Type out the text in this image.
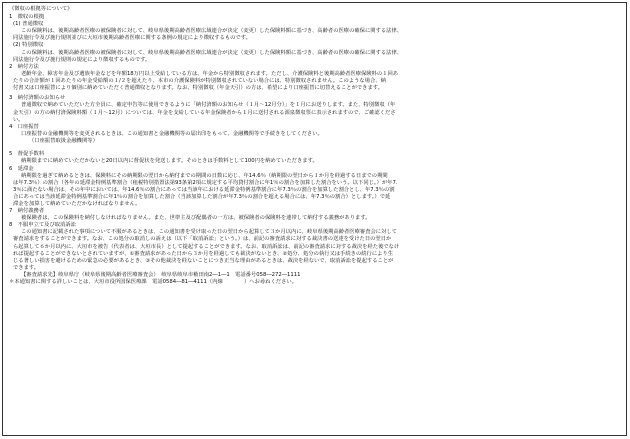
《徴収の根拠等について》
1　徴収の根拠
(1) 普通徴収
この保険料は、後期高齢者医療の被保険者に対して、岐阜県後期高齢者医療広域連合が決定（変更）した保険料額に基づき、高齢者の医療の確保に関する法律、
同法施行令及び施行規則並びに大垣市後期高齢者医療に関する条例の規定により徴収するものです。
(2) 特別徴収
この保険料は、後期高齢者医療の被保険者に対して、岐阜県後期高齢者医療広域連合が決定（変更）した保険料額に基づき、高齢者の医療の確保に関する法律、
同法施行令及び施行規則の規定により徴収するものです。
2　納付方法
老齢年金、障害年金及び遺族年金などを年額18万円以上受給している方は、年金から特別徴収されます。ただし、介護保険料と後期高齢者医療保険料の１回あ
たりの合計額が１回あたりの年金受給額の１/２を超えたり、本市の介護保険料が特別徴収されていない場合には、特別徴収されません。このような場合、納
付書又は口座振替により個別に納めていただく普通徴収となります。なお、特別徴収（年金天引）の方は、希望により口座振替に切替えることができます。
3　納付済額のお知らせ
普通徴収で納めていただいた方全員に、確定申告等に使用できるように「納付済額のお知らせ（１月～12月分）」を１月にお送りします。また、特別徴収（年
金天引）の方の納付済保険料額（１月～12月）については、年金を支給している年金保険者から１月に送付される源泉徴収票に表示されますので、ご確認くださ
い。
4　口座振替
口座振替の金融機関等を変更されるときは、この通知書と金融機関等の届出印をもって、金融機関等で手続きをしてください。
（口座振替取扱金融機関等）
5　督促手数料
納期限までに納めていただかないと20日以内に督促状を発送します。そのときは手数料として100円を納めていただきます。
6　延滞金
納期限を過ぎて納めるときは、保険料にその納期限の翌日から納付までの期間の日数に応じ、年14.6％（納期限の翌日から１か月を経過する日までの期間
は年7.3％）の割合（各年の延滞金特例基準割合（租税特別措置法第93条第2項に規定する平均貸付割合に年1％の割合を加算した割合をいう。以下同じ。）が年7.
3％に満たない場合は、その年中においては、年14.6％の割合にあっては当該年における延滞金特例基準割合に年7.3％の割合を加算した割合とし、年7.3％の割
合にあっては当該延滞金特例基準割合に年1％の割合を加算した割合（当該加算した割合が年7.3％の割合を超える場合には、年7.3％の割合）とします。）で延
滞金を加算して納めていただかなければなりません。
7　納付義務者
被保険者は、この保険料を納付しなければなりません。また、世帯主及び配偶者の一方は、被保険者の保険料を連帯して納付する義務があります。
8　不服申立て及び取消訴訟
この通知書に記載された事項について不服があるときは、この通知書を受け取った日の翌日から起算して３か月以内に、岐阜県後期高齢者医療審査会に対して
審査請求をすることができます。なお、この処分の取消しの訴えは（以下「取消訴訟」という。）は、前記の審査請求に対する裁決書の送達を受けた日の翌日か
ら起算して６か月以内に、大垣市を被告（代表者は、大垣市長）として提起することができます。なお、取消訴訟は、前記の審査請求に対する裁決を経た後でなけ
れば提起することができないとされていますが、①審査請求があった日から３か月を経過しても裁決がないとき、②処分、処分の執行又は手続きの続行により生
じる著しい損害を避けるための緊急の必要があるとき、③その他裁決を経ないことにつき正当な理由があるときは、裁決を経ないで、取消訴訟を提起することが
できます。
【審査請求先】岐阜県庁（岐阜県後期高齢者医療審査会）　岐阜県岐阜市薮田南2―1―1　電話番号058―272―1111
＊本通知書に関する詳しいことは、大垣市役所国保医療課　電話0584―81―4111（内線　　　　）へお尋ねください。
